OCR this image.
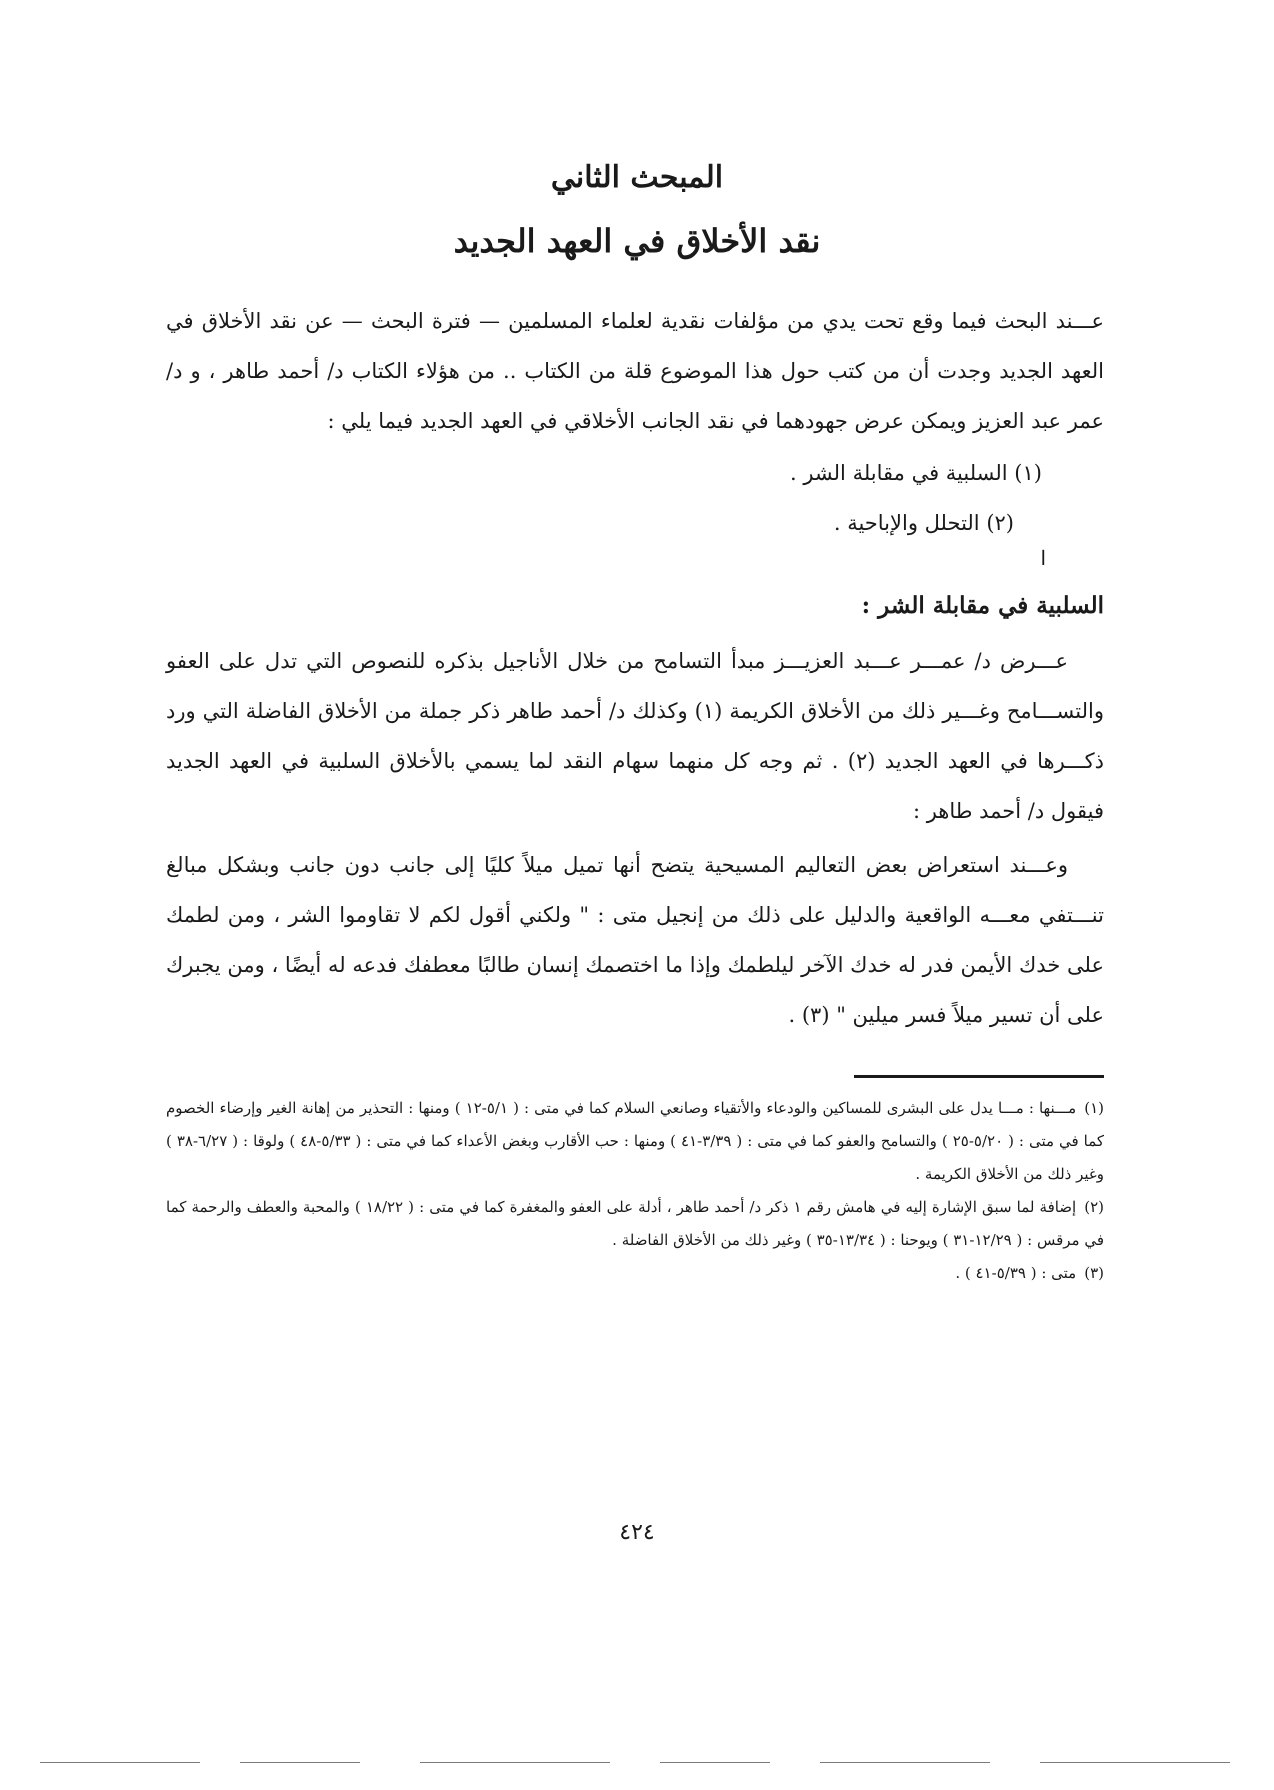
المبحث الثاني
نقد الأخلاق في العهد الجديد

عـــند البحث فيما وقع تحت يدي من مؤلفات نقدية لعلماء المسلمين — فترة البحث — عن نقد الأخلاق في العهد الجديد وجدت أن من كتب حول هذا الموضوع قلة من الكتاب .. من هؤلاء الكتاب د/ أحمد طاهر ، و د/ عمر عبد العزيز ويمكن عرض جهودهما في نقد الجانب الأخلاقي في العهد الجديد فيما يلي :

(١) السلبية في مقابلة الشر .
(٢) التحلل والإباحية .
ا
السلبية في مقابلة الشر :

عـــرض د/ عمـــر عـــبد العزيـــز مبدأ التسامح من خلال الأناجيل بذكره للنصوص التي تدل على العفو والتســـامح وغـــير ذلك من الأخلاق الكريمة (١) وكذلك د/ أحمد طاهر ذكر جملة من الأخلاق الفاضلة التي ورد ذكـــرها في العهد الجديد (٢) . ثم وجه كل منهما سهام النقد لما يسمي بالأخلاق السلبية في العهد الجديد فيقول د/ أحمد طاهر :

وعـــند استعراض بعض التعاليم المسيحية يتضح أنها تميل ميلاً كليًا إلى جانب دون جانب وبشكل مبالغ تنـــتفي معـــه الواقعية والدليل على ذلك من إنجيل متى : " ولكني أقول لكم لا تقاوموا الشر ، ومن لطمك على خدك الأيمن فدر له خدك الآخر ليلطمك وإذا ما اختصمك إنسان طالبًا معطفك فدعه له أيضًا ، ومن يجبرك على أن تسير ميلاً فسر ميلين " (٣) .

(١)مـــنها : مـــا يدل على البشرى للمساكين والودعاء والأتقياء وصانعي السلام كما في متى : ( ٥/١-١٢ ) ومنها : التحذير من إهانة الغير وإرضاء الخصوم كما في متى : ( ٥/٢٠-٢٥ ) والتسامح والعفو كما في متى : ( ٣/٣٩-٤١ ) ومنها : حب الأقارب وبغض الأعداء كما في متى : ( ٥/٣٣-٤٨ ) ولوقا : ( ٦/٢٧-٣٨ ) وغير ذلك من الأخلاق الكريمة .
(٢)إضافة لما سبق الإشارة إليه في هامش رقم ١ ذكر د/ أحمد طاهر ، أدلة على العفو والمغفرة كما في متى : ( ١٨/٢٢ ) والمحبة والعطف والرحمة كما في مرقس : ( ١٢/٢٩-٣١ ) ويوحنا : ( ١٣/٣٤-٣٥ ) وغير ذلك من الأخلاق الفاضلة .
(٣)متى : ( ٥/٣٩-٤١ ) .

٤٢٤
